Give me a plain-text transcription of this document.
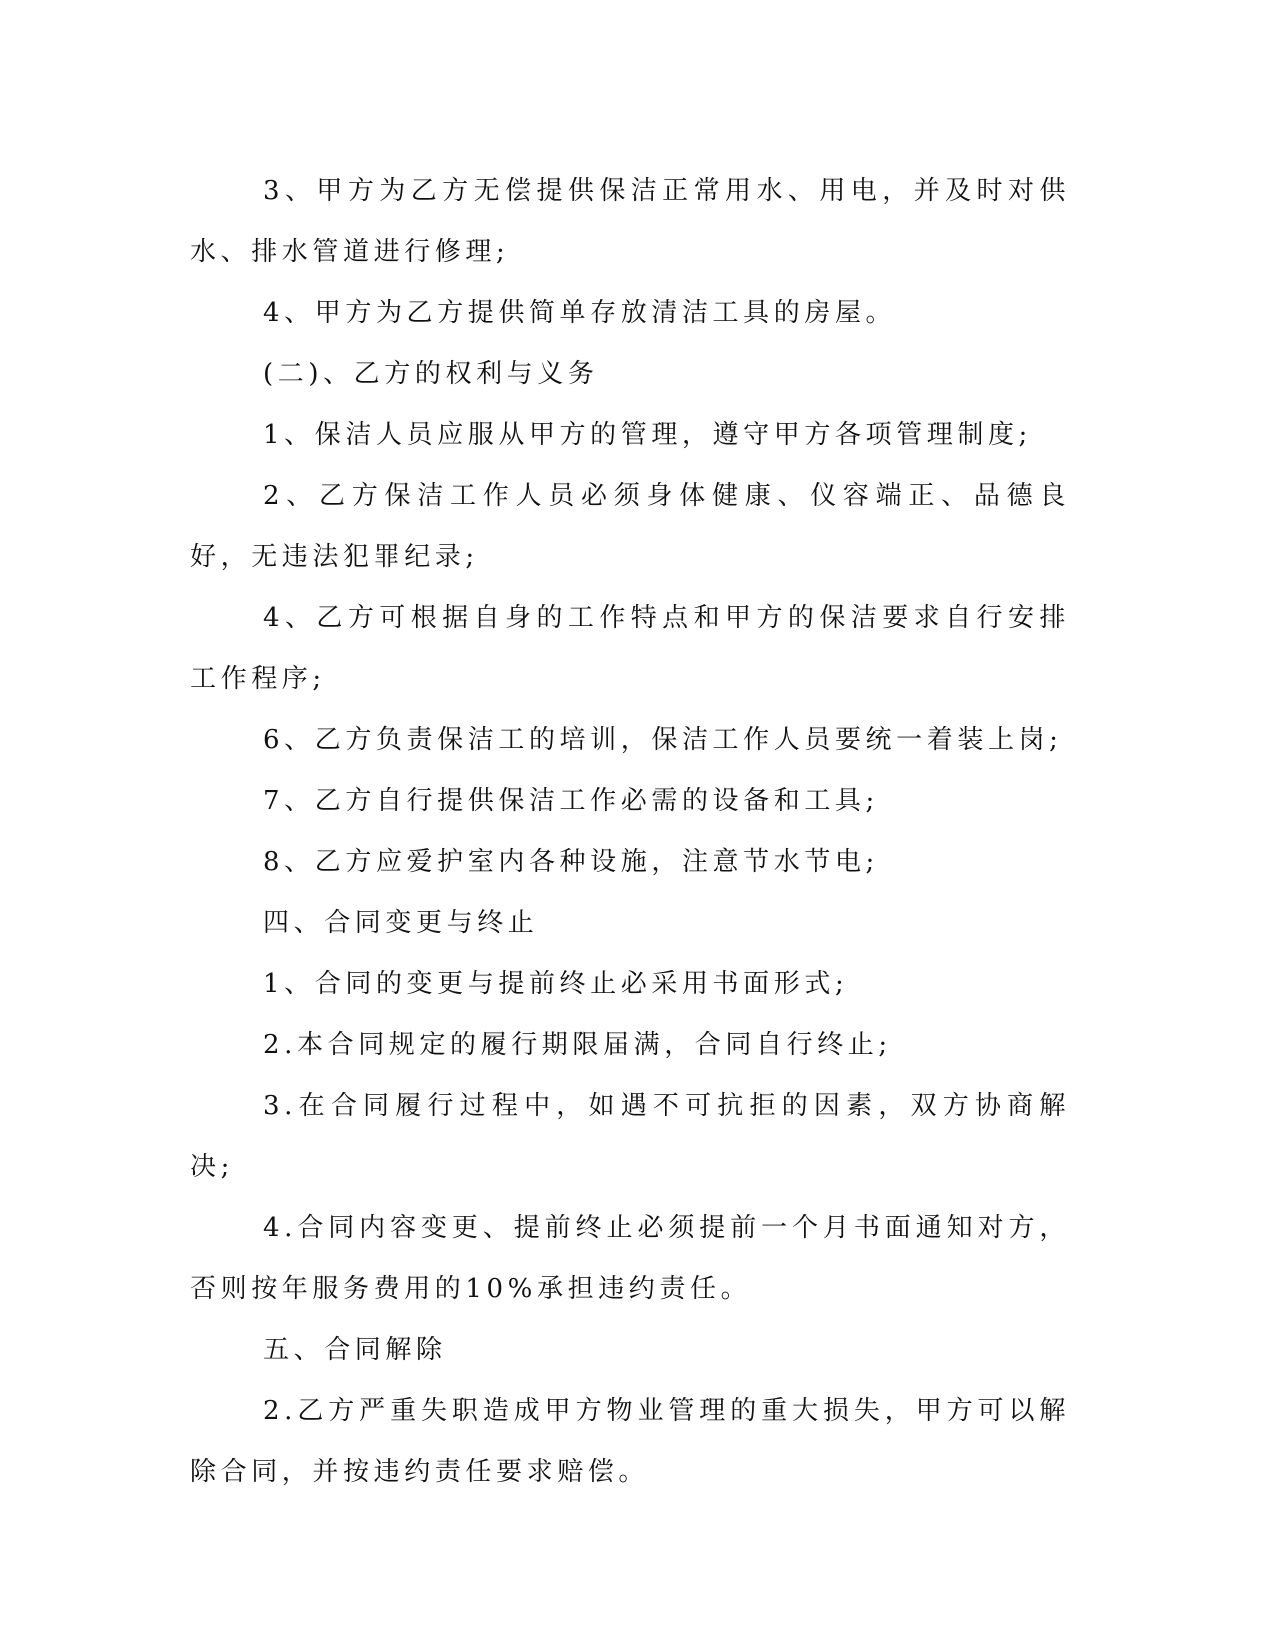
3、甲方为乙方无偿提供保洁正常用水、用电，并及时对供水、排水管道进行修理;

4、甲方为乙方提供简单存放清洁工具的房屋。

(二)、乙方的权利与义务

1、保洁人员应服从甲方的管理，遵守甲方各项管理制度;

2、乙方保洁工作人员必须身体健康、仪容端正、品德良好，无违法犯罪纪录;

4、乙方可根据自身的工作特点和甲方的保洁要求自行安排工作程序;

6、乙方负责保洁工的培训，保洁工作人员要统一着装上岗;

7、乙方自行提供保洁工作必需的设备和工具;

8、乙方应爱护室内各种设施，注意节水节电;

四、合同变更与终止

1、合同的变更与提前终止必采用书面形式;

2.本合同规定的履行期限届满，合同自行终止;

3.在合同履行过程中，如遇不可抗拒的因素，双方协商解决;

4.合同内容变更、提前终止必须提前一个月书面通知对方，否则按年服务费用的10%承担违约责任。

五、合同解除

2.乙方严重失职造成甲方物业管理的重大损失，甲方可以解除合同，并按违约责任要求赔偿。
